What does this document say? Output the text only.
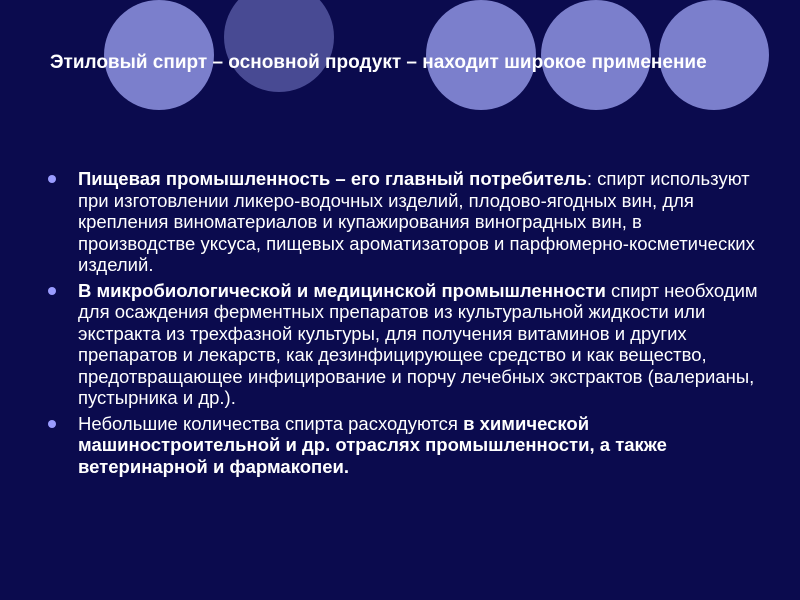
Этиловый спирт – основной продукт – находит широкое применение
Пищевая промышленность – его главный потребитель: спирт используют при изготовлении ликеро-водочных изделий, плодово-ягодных вин, для крепления виноматериалов и купажирования виноградных вин, в производстве уксуса, пищевых ароматизаторов и парфюмерно-косметических изделий.
В микробиологической и медицинской промышленности спирт необходим для осаждения ферментных препаратов из культуральной жидкости или экстракта из трехфазной культуры, для получения витаминов и других препаратов и лекарств, как дезинфицирующее средство и как вещество, предотвращающее инфицирование и порчу лечебных экстрактов (валерианы, пустырника и др.).
Небольшие количества спирта расходуются в химической машиностроительной и др. отраслях промышленности, а также ветеринарной и фармакопеи.
